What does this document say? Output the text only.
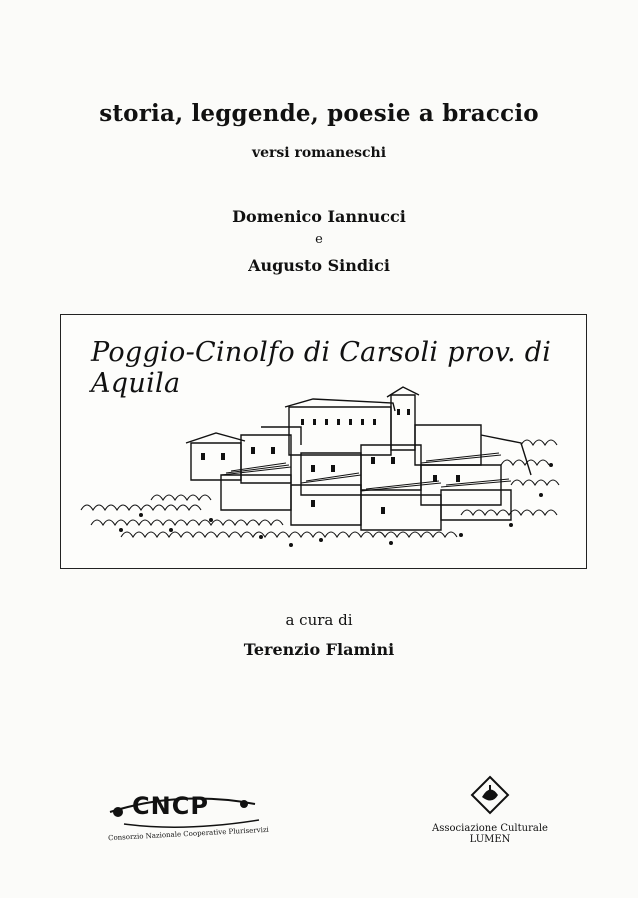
storia, leggende, poesie a braccio
versi romaneschi
Domenico Iannucci
e
Augusto Sindici
Poggio-Cinolfo di Carsoli prov. di Aquila
a cura di
Terenzio Flamini
CNCP
Consorzio Nazionale Cooperative Pluriservizi	Associazione Culturale
LUMEN
